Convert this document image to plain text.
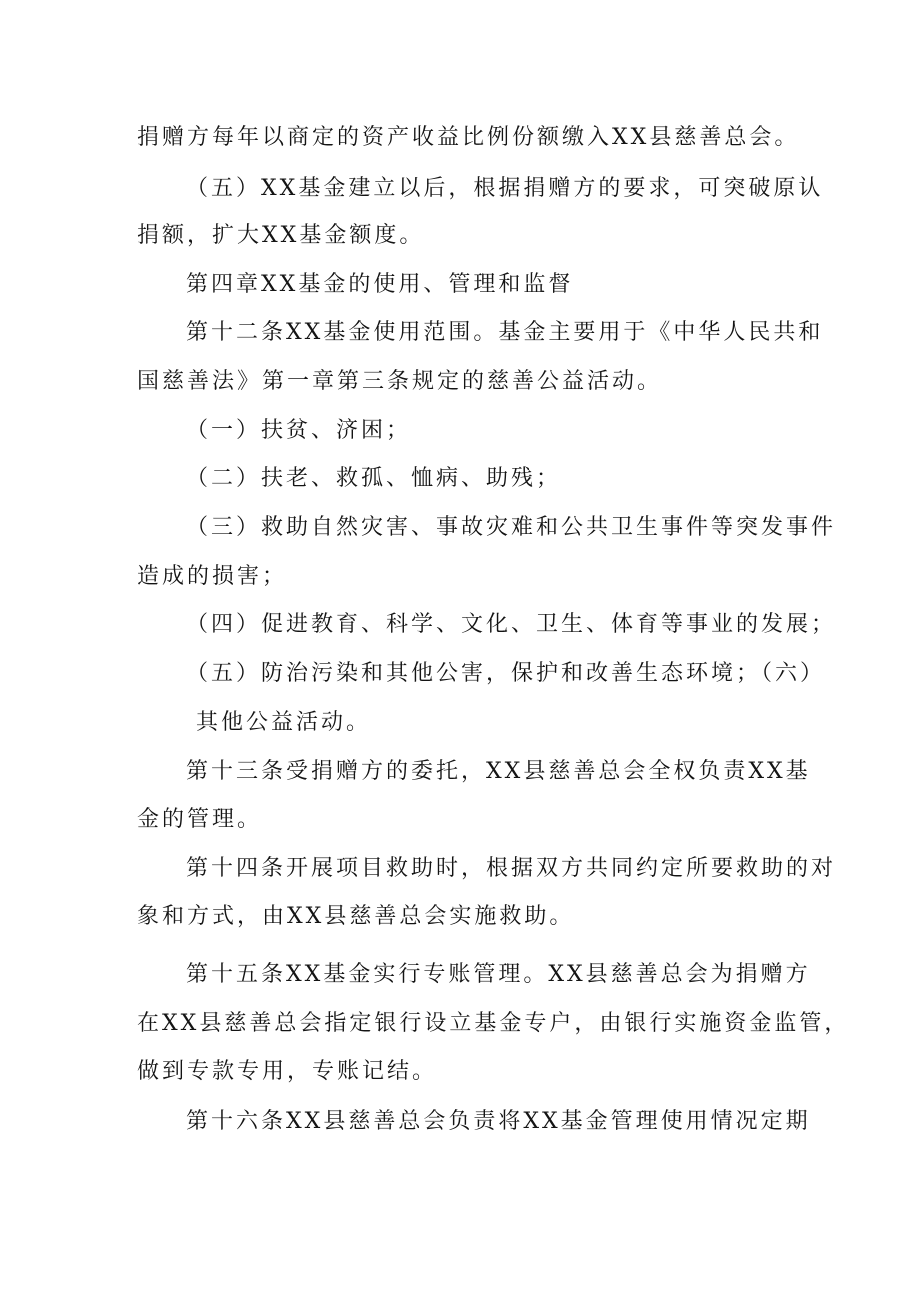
捐赠方每年以商定的资产收益比例份额缴入XX县慈善总会。
（五）XX基金建立以后，根据捐赠方的要求，可突破原认
捐额，扩大XX基金额度。
第四章XX基金的使用、管理和监督
第十二条XX基金使用范围。基金主要用于《中华人民共和
国慈善法》第一章第三条规定的慈善公益活动。
（一）扶贫、济困；
（二）扶老、救孤、恤病、助残；
（三）救助自然灾害、事故灾难和公共卫生事件等突发事件
造成的损害；
（四）促进教育、科学、文化、卫生、体育等事业的发展；
（五）防治污染和其他公害，保护和改善生态环境；（六）
其他公益活动。
第十三条受捐赠方的委托，XX县慈善总会全权负责XX基
金的管理。
第十四条开展项目救助时，根据双方共同约定所要救助的对
象和方式，由XX县慈善总会实施救助。
第十五条XX基金实行专账管理。XX县慈善总会为捐赠方
在XX县慈善总会指定银行设立基金专户，由银行实施资金监管，
做到专款专用，专账记结。
第十六条XX县慈善总会负责将XX基金管理使用情况定期
